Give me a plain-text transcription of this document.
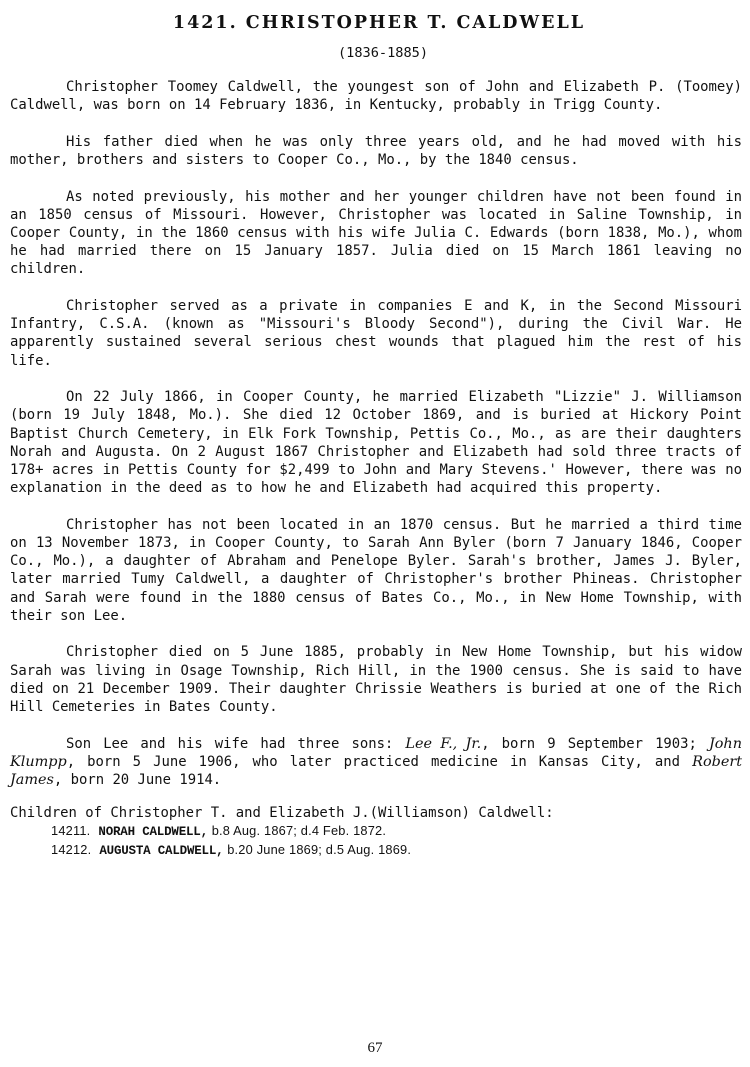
1421. CHRISTOPHER T. CALDWELL
(1836-1885)

Christopher Toomey Caldwell, the youngest son of John and Elizabeth P. (Toomey) Caldwell, was born on 14 February 1836, in Kentucky, probably in Trigg County.

His father died when he was only three years old, and he had moved with his mother, brothers and sisters to Cooper Co., Mo., by the 1840 census.

As noted previously, his mother and her younger children have not been found in an 1850 census of Missouri. However, Christopher was located in Saline Township, in Cooper County, in the 1860 census with his wife Julia C. Edwards (born 1838, Mo.), whom he had married there on 15 January 1857. Julia died on 15 March 1861 leaving no children.

Christopher served as a private in companies E and K, in the Second Missouri Infantry, C.S.A. (known as "Missouri's Bloody Second"), during the Civil War. He apparently sustained several serious chest wounds that plagued him the rest of his life.

On 22 July 1866, in Cooper County, he married Elizabeth "Lizzie" J. Williamson (born 19 July 1848, Mo.). She died 12 October 1869, and is buried at Hickory Point Baptist Church Cemetery, in Elk Fork Township, Pettis Co., Mo., as are their daughters Norah and Augusta. On 2 August 1867 Christopher and Elizabeth had sold three tracts of 178+ acres in Pettis County for $2,499 to John and Mary Stevens.' However, there was no explanation in the deed as to how he and Elizabeth had acquired this property.

Christopher has not been located in an 1870 census. But he married a third time on 13 November 1873, in Cooper County, to Sarah Ann Byler (born 7 January 1846, Cooper Co., Mo.), a daughter of Abraham and Penelope Byler. Sarah's brother, James J. Byler, later married Tumy Caldwell, a daughter of Christopher's brother Phineas. Christopher and Sarah were found in the 1880 census of Bates Co., Mo., in New Home Township, with their son Lee.

Christopher died on 5 June 1885, probably in New Home Township, but his widow Sarah was living in Osage Township, Rich Hill, in the 1900 census. She is said to have died on 21 December 1909. Their daughter Chrissie Weathers is buried at one of the Rich Hill Cemeteries in Bates County.

Son Lee and his wife had three sons: Lee F., Jr., born 9 September 1903; John Klumpp, born 5 June 1906, who later practiced medicine in Kansas City, and Robert James, born 20 June 1914.

Children of Christopher T. and Elizabeth J.(Williamson) Caldwell:
14211. NORAH CALDWELL, b.8 Aug. 1867; d.4 Feb. 1872.
14212. AUGUSTA CALDWELL, b.20 June 1869; d.5 Aug. 1869.
67
